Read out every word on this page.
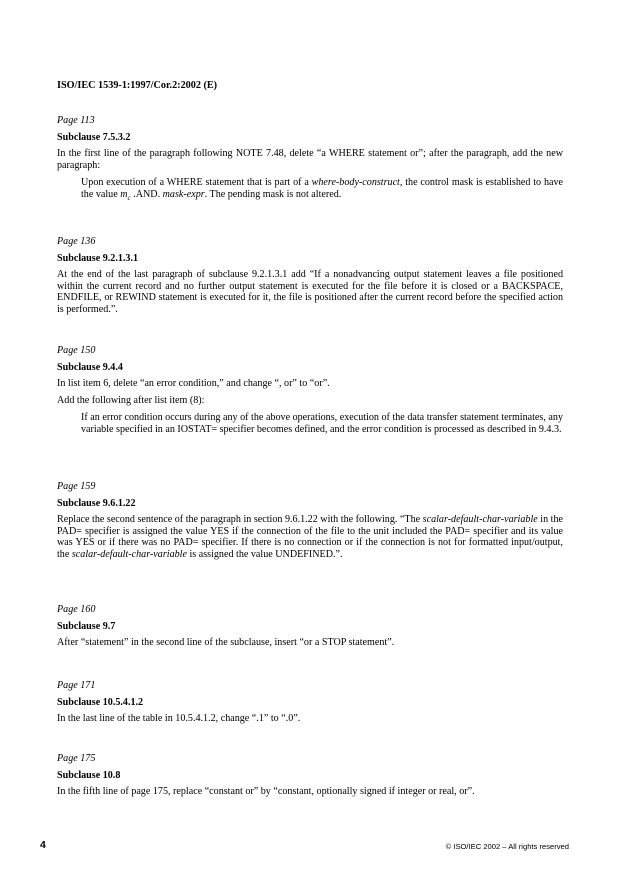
ISO/IEC 1539-1:1997/Cor.2:2002 (E)
Page 113
Subclause 7.5.3.2

In the first line of the paragraph following NOTE 7.48, delete “a WHERE statement or”; after the paragraph, add the new paragraph:

Upon execution of a WHERE statement that is part of a where-body-construct, the control mask is established to have the value $m_c$ .AND. mask-expr. The pending mask is not altered.

Page 136
Subclause 9.2.1.3.1

At the end of the last paragraph of subclause 9.2.1.3.1 add “If a nonadvancing output statement leaves a file positioned within the current record and no further output statement is executed for the file before it is closed or a BACKSPACE, ENDFILE, or REWIND statement is executed for it, the file is positioned after the current record before the specified action is performed.”.

Page 150
Subclause 9.4.4

In list item 6, delete “an error condition,” and change “, or” to “or”.

Add the following after list item (8):

If an error condition occurs during any of the above operations, execution of the data transfer statement terminates, any variable specified in an IOSTAT= specifier becomes defined, and the error condition is processed as described in 9.4.3.

Page 159
Subclause 9.6.1.22

Replace the second sentence of the paragraph in section 9.6.1.22 with the following. “The scalar-default-char-variable in the PAD= specifier is assigned the value YES if the connection of the file to the unit included the PAD= specifier and its value was YES or if there was no PAD= specifier. If there is no connection or if the connection is not for formatted input/output, the scalar-default-char-variable is assigned the value UNDEFINED.”.

Page 160
Subclause 9.7

After “statement” in the second line of the subclause, insert “or a STOP statement”.

Page 171
Subclause 10.5.4.1.2

In the last line of the table in 10.5.4.1.2, change “.1” to “.0”.

Page 175
Subclause 10.8

In the fifth line of page 175, replace “constant or” by “constant, optionally signed if integer or real, or”.

4	© ISO/IEC 2002 – All rights reserved
